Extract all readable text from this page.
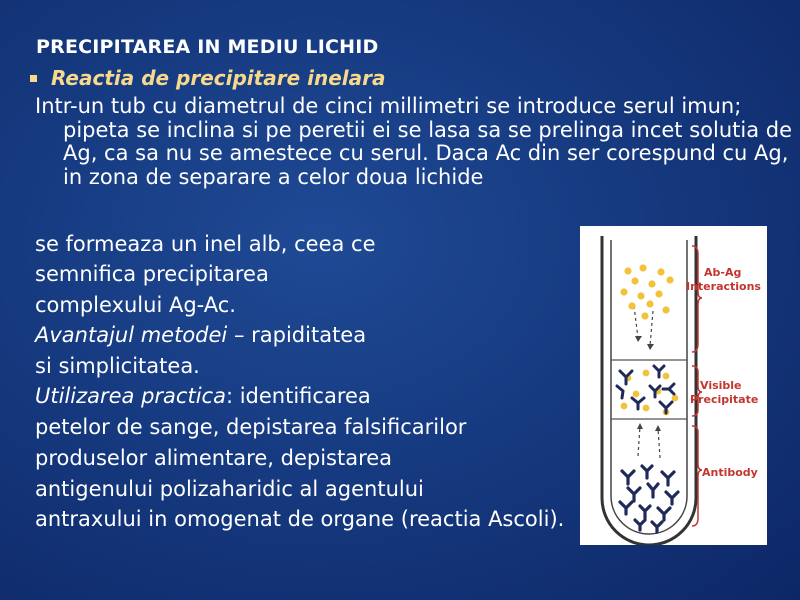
PRECIPITAREA IN MEDIU LICHID
Reactia de precipitare inelara
Intr-un tub cu diametrul de cinci millimetri se introduce serul imun; pipeta se inclina si pe peretii ei se lasa sa se prelinga incet solutia de Ag, ca sa nu se amestece cu serul. Daca Ac din ser corespund cu Ag, in zona de separare a celor doua lichide
se formeaza un inel alb, ceea ce
semnifica precipitarea
complexului Ag-Ac.
Avantajul metodei – rapiditatea
si simplicitatea.
Utilizarea practica: identificarea
petelor de sange, depistarea falsificarilor
produselor alimentare, depistarea
antigenului polizaharidic al agentului
antraxului in omogenat de organe (reactia Ascoli).
Ab-Ag
Interactions
Visible
Precipitate
Antibody
